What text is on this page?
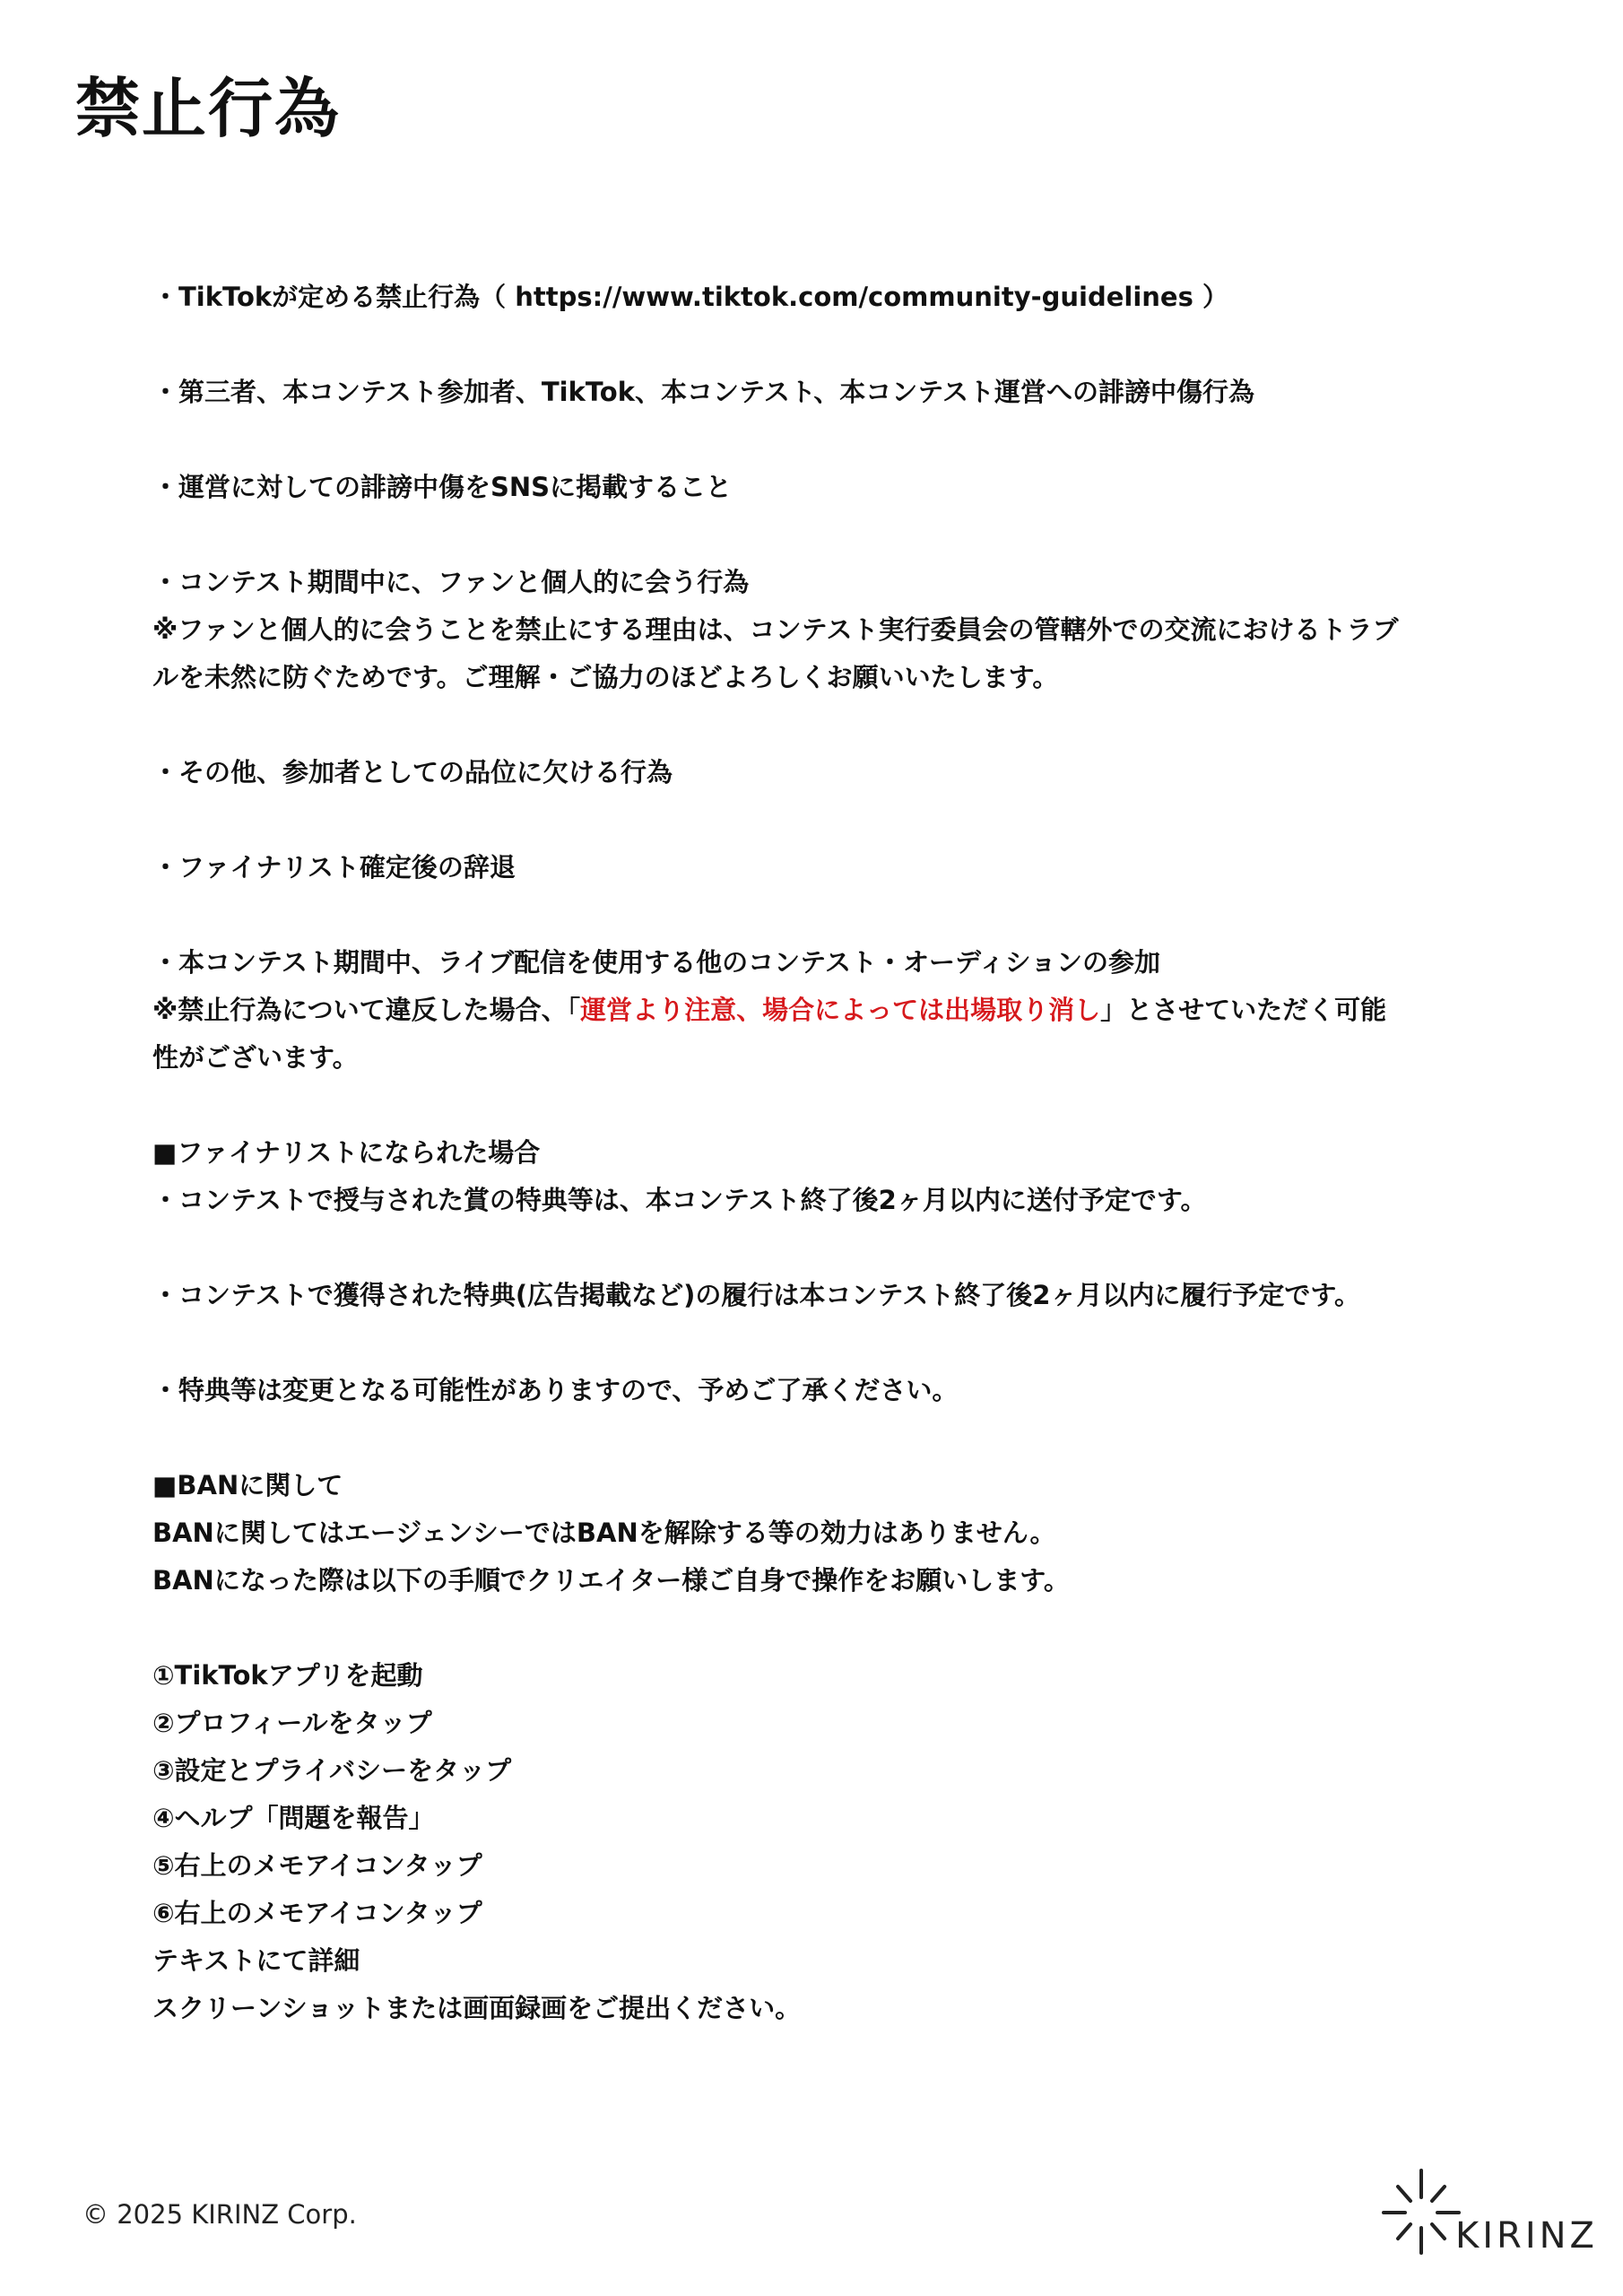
禁止行為
・TikTokが定める禁止行為（ https://www.tiktok.com/community-guidelines ）
・第三者、本コンテスト参加者、TikTok、本コンテスト、本コンテスト運営への誹謗中傷行為
・運営に対しての誹謗中傷をSNSに掲載すること
・コンテスト期間中に、ファンと個人的に会う行為
※ファンと個人的に会うことを禁止にする理由は、コンテスト実行委員会の管轄外での交流におけるトラブ
ルを未然に防ぐためです。ご理解・ご協力のほどよろしくお願いいたします。
・その他、参加者としての品位に欠ける行為
・ファイナリスト確定後の辞退
・本コンテスト期間中、ライブ配信を使用する他のコンテスト・オーディションの参加
※禁止行為について違反した場合、「運営より注意、場合によっては出場取り消し」とさせていただく可能
性がございます。
■ファイナリストになられた場合
・コンテストで授与された賞の特典等は、本コンテスト終了後2ヶ月以内に送付予定です。
・コンテストで獲得された特典(広告掲載など)の履行は本コンテスト終了後2ヶ月以内に履行予定です。
・特典等は変更となる可能性がありますので、予めご了承ください。
■BANに関して
BANに関してはエージェンシーではBANを解除する等の効力はありません。
BANになった際は以下の手順でクリエイター様ご自身で操作をお願いします。
①TikTokアプリを起動
②プロフィールをタップ
③設定とプライバシーをタップ
④ヘルプ「問題を報告」
⑤右上のメモアイコンタップ
⑥右上のメモアイコンタップ
テキストにて詳細
スクリーンショットまたは画面録画をご提出ください。
© 2025 KIRINZ Corp.
KIRINZ
